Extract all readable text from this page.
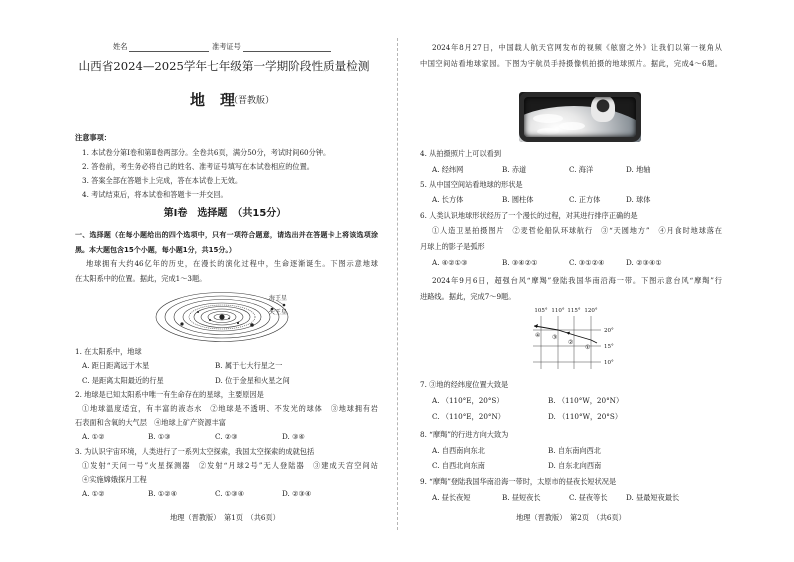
姓名	准考证号
山西省2024—2025学年七年级第一学期阶段性质量检测
地　理
（晋教版）
注意事项：
1. 本试卷分第Ⅰ卷和第Ⅱ卷两部分。全卷共6页，满分50分，考试时间60分钟。
2. 答卷前，考生务必将自己的姓名、准考证号填写在本试卷相应的位置。
3. 答案全部在答题卡上完成，答在本试卷上无效。
4. 考试结束后，将本试卷和答题卡一并交回。
第Ⅰ卷　选择题　（共15分）
一、选择题（在每小题给出的四个选项中，只有一项符合题意，请选出并在答题卡上将该选项涂
黑。本大题包含15个小题，每小题1分，共15分。）
地球拥有大约46亿年的历史，在漫长的演化过程中，生命逐渐诞生。下图示意地球
在太阳系中的位置。据此，完成1～3题。
海王星
天王星
1. 在太阳系中，地球
A. 距日距离远于木星	B. 属于七大行星之一
C. 是距离太阳最近的行星	D. 位于金星和火星之间
2. 地球是已知太阳系中唯一有生命存在的星球，主要原因是
①地球温度适宜，有丰富的液态水　②地球是不透明、不发光的球体　③地球拥有岩
石表面和含氧的大气层　④地球上矿产资源丰富
A. ①②	B. ①③	C. ②③	D. ③④
3. 为认识宇宙环境，人类进行了一系列太空探索，我国太空探索的成就包括
①发射“天问一号”火星探测器　②发射“月球2号”无人登陆器　③建成天宫空间站
④实施嫦娥探月工程
A. ①②	B. ①②④	C. ①③④	D. ②③④
地理（晋教版）　第1页　（共6页）
2024年8月27日，中国载人航天官网发布的视频《舷窗之外》让我们以第一视角从
中国空间站看地球家园。下图为宇航员手持摄像机拍摄的地球照片。据此，完成4～6题。
4. 从拍摄照片上可以看到
A. 经纬网	B. 赤道	C. 海洋	D. 地轴
5. 从中国空间站看地球的形状是
A. 长方体	B. 圆柱体	C. 正方体	D. 球体
6. 人类认识地球形状经历了一个漫长的过程，对其进行排序正确的是
①人造卫星拍摄图片　②麦哲伦船队环球航行　③“天圆地方”　④月食时地球落在
月球上的影子是弧形
A. ④②①③	B. ③④②①	C. ③①②④	D. ②③④①
2024年9月6日，超强台风“摩羯”登陆我国华南沿海一带。下图示意台风“摩羯”行
进路线。据此，完成7～9题。
105° 110° 115° 120°
20°
15°
10°
①
②
③
④
7. ③地的经纬度位置大致是
A. （110°E，20°S）	B. （110°W，20°N）
C. （110°E，20°N）	D. （110°W，20°S）
8. “摩羯”的行进方向大致为
A. 自西南向东北	B. 自东南向西北
C. 自西北向东南	D. 自东北向西南
9. “摩羯”登陆我国华南沿海一带时，太原市的昼夜长短状况是
A. 昼长夜短	B. 昼短夜长	C. 昼夜等长	D. 昼最短夜最长
地理（晋教版）　第2页　（共6页）
